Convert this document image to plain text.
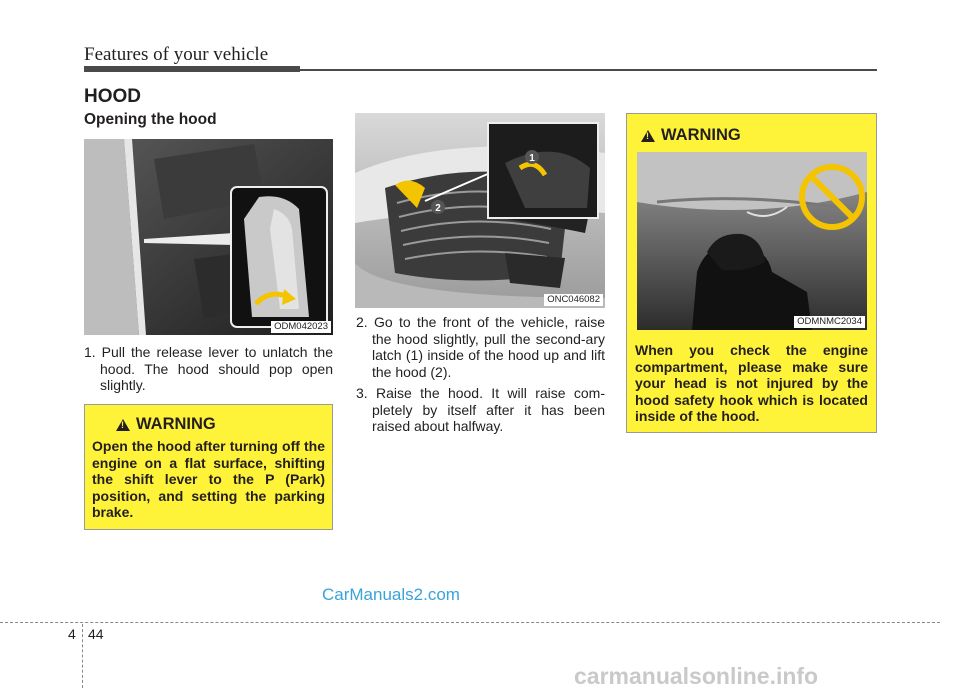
Features of your vehicle
HOOD
Opening the hood
ODM042023
1. Pull the release lever to unlatch the hood. The hood should pop open slightly.
!
WARNING
Open the hood after turning off the engine on a flat surface, shifting the shift lever to the P (Park) position, and setting the parking brake.
2
1
ONC046082
2. Go to the front of the vehicle, raise the hood slightly, pull the second-ary latch (1) inside of the hood up and lift the hood (2).
3. Raise the hood. It will raise com-pletely by itself after it has been raised about halfway.
!
WARNING
ODMNMC2034
When you check the engine compartment, please make sure your head is not injured by the hood safety hook which is located inside of the hood.
CarManuals2.com
4 44
carmanualsonline.info
